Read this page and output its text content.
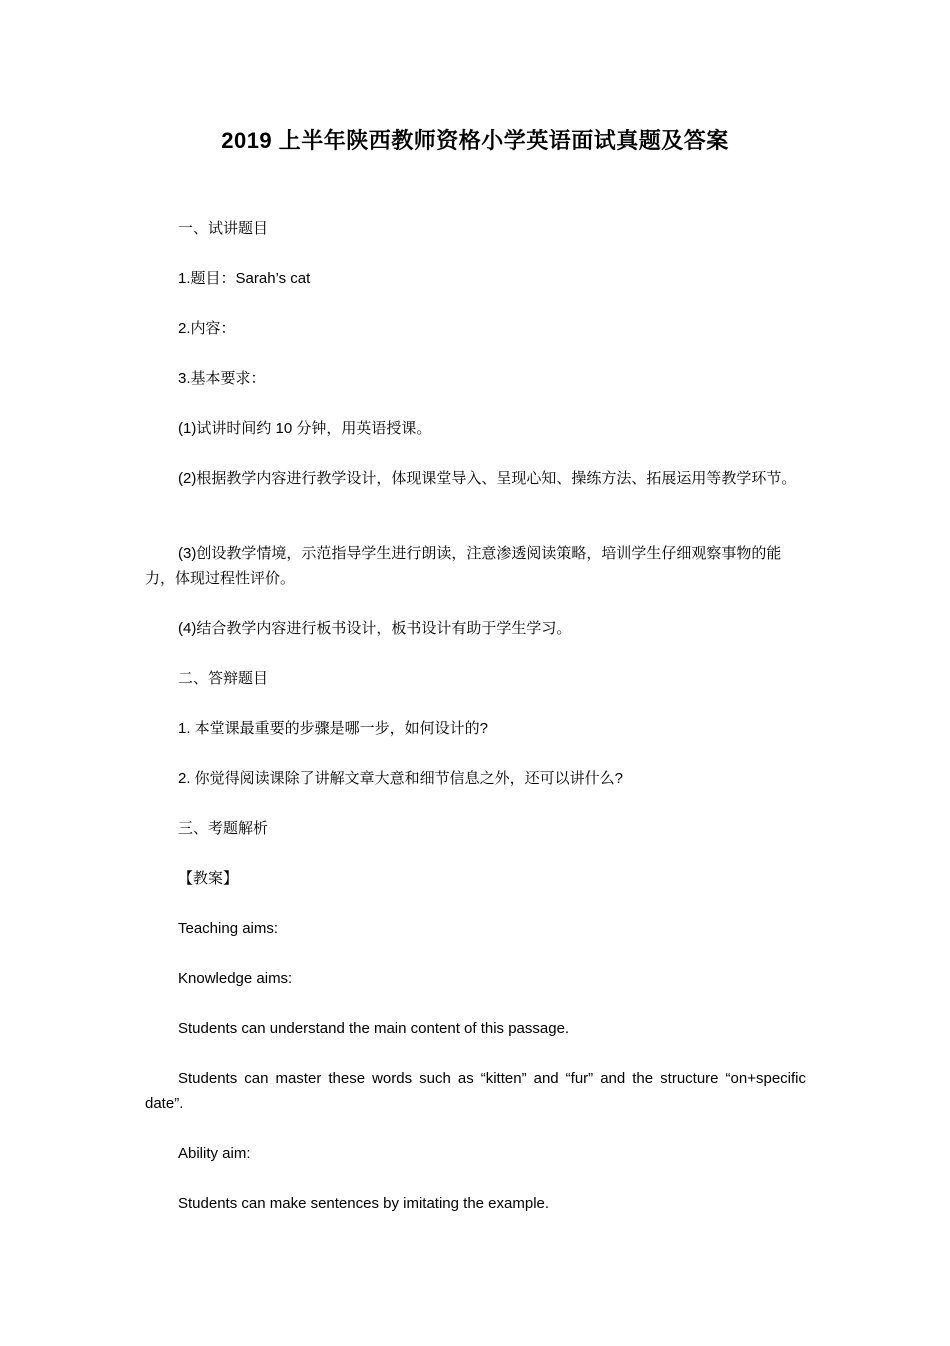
2019 上半年陕西教师资格小学英语面试真题及答案
一、试讲题目
1.题目：Sarah’s cat
2.内容：
3.基本要求：
(1)试讲时间约 10 分钟，用英语授课。
(2)根据教学内容进行教学设计，体现课堂导入、呈现心知、操练方法、拓展运用等教学环节。
(3)创设教学情境，示范指导学生进行朗读，注意渗透阅读策略，培训学生仔细观察事物的能力，体现过程性评价。
(4)结合教学内容进行板书设计，板书设计有助于学生学习。
二、答辩题目
1. 本堂课最重要的步骤是哪一步，如何设计的?
2. 你觉得阅读课除了讲解文章大意和细节信息之外，还可以讲什么?
三、考题解析
【教案】
Teaching aims:
Knowledge aims:
Students can understand the main content of this passage.
Students can master these words such as “kitten” and “fur” and the structure “on+specific date”.
Ability aim:
Students can make sentences by imitating the example.
